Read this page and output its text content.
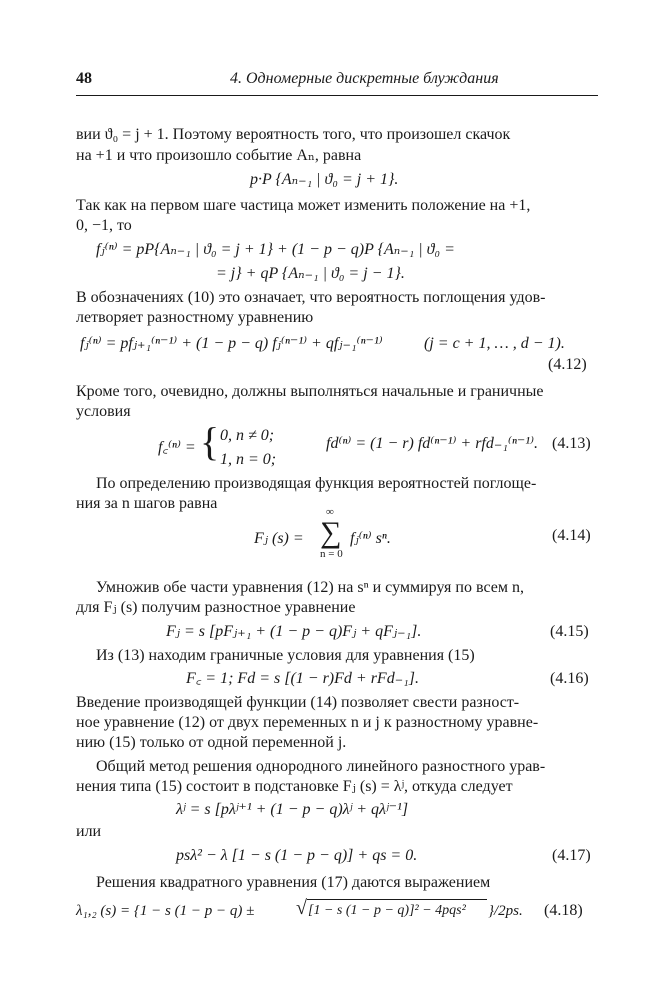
48	4. Одномерные дискретные блуждания
вии ϑ₀ = j + 1. Поэтому вероятность того, что произошел скачок
на +1 и что произошло событие Aₙ, равна
p·P {Aₙ₋₁ | ϑ₀ = j + 1}.
Так как на первом шаге частица может изменить положение на +1,
0, −1, то
fⱼ⁽ⁿ⁾ = pP{Aₙ₋₁ | ϑ₀ = j + 1} + (1 − p − q)P {Aₙ₋₁ | ϑ₀ =
= j} + qP {Aₙ₋₁ | ϑ₀ = j − 1}.
В обозначениях (10) это означает, что вероятность поглощения удов-
летворяет разностному уравнению
fⱼ⁽ⁿ⁾ = pfⱼ₊₁⁽ⁿ⁻¹⁾ + (1 − p − q) fⱼ⁽ⁿ⁻¹⁾ + qfⱼ₋₁⁽ⁿ⁻¹⁾	(j = c + 1, … , d − 1).
(4.12)
Кроме того, очевидно, должны выполняться начальные и граничные
условия
f꜀⁽ⁿ⁾ = { 0, n ≠ 0;
1, n = 0;
fd⁽ⁿ⁾ = (1 − r) fd⁽ⁿ⁻¹⁾ + rfd₋₁⁽ⁿ⁻¹⁾. (4.13)
По определению производящая функция вероятностей поглоще-
ния за n шагов равна
Fⱼ (s) =
∞
∑
n = 0
fⱼ⁽ⁿ⁾ sⁿ.	(4.14)
Умножив обе части уравнения (12) на sⁿ и суммируя по всем n,
для Fⱼ (s) получим разностное уравнение
Fⱼ = s [pFⱼ₊₁ + (1 − p − q)Fⱼ + qFⱼ₋₁].	(4.15)
Из (13) находим граничные условия для уравнения (15)
F꜀ = 1; Fd = s [(1 − r)Fd + rFd₋₁].	(4.16)
Введение производящей функции (14) позволяет свести разност-
ное уравнение (12) от двух переменных n и j к разностному уравне-
нию (15) только от одной переменной j.
Общий метод решения однородного линейного разностного урав-
нения типа (15) состоит в подстановке Fⱼ (s) = λʲ, откуда следует
λʲ = s [pλʲ⁺¹ + (1 − p − q)λʲ + qλʲ⁻¹]
или
psλ² − λ [1 − s (1 − p − q)] + qs = 0.	(4.17)
Решения квадратного уравнения (17) даются выражением
λ₁,₂ (s) = {1 − s (1 − p − q) ± √ [1 − s (1 − p − q)]² − 4pqs² }/2ps. (4.18)
